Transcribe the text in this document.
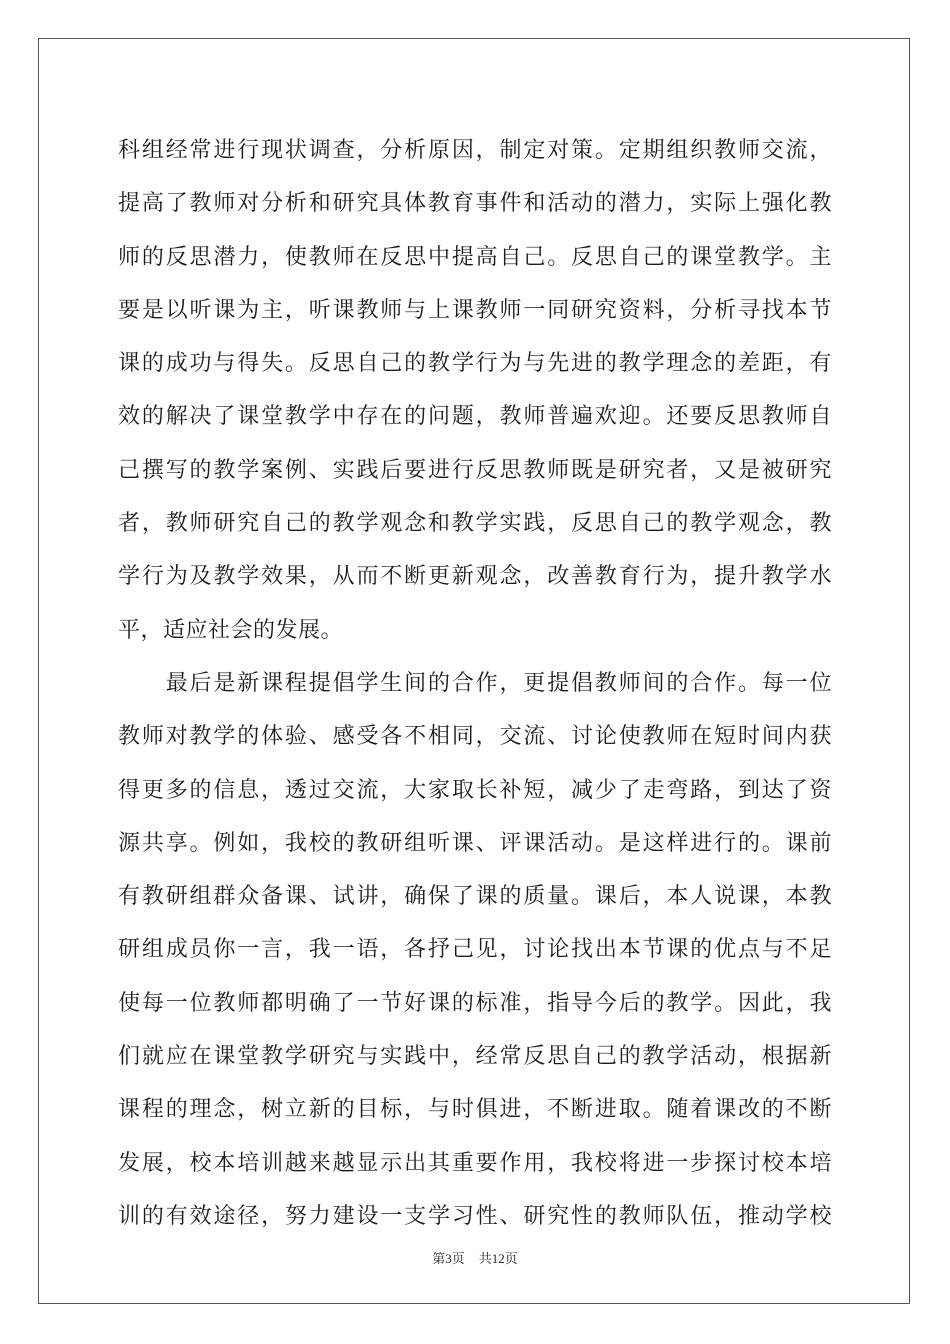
科组经常进行现状调查，分析原因，制定对策。定期组织教师交流，
提高了教师对分析和研究具体教育事件和活动的潜力，实际上强化教
师的反思潜力，使教师在反思中提高自己。反思自己的课堂教学。主
要是以听课为主，听课教师与上课教师一同研究资料，分析寻找本节
课的成功与得失。反思自己的教学行为与先进的教学理念的差距，有
效的解决了课堂教学中存在的问题，教师普遍欢迎。还要反思教师自
己撰写的教学案例、实践后要进行反思教师既是研究者，又是被研究
者，教师研究自己的教学观念和教学实践，反思自己的教学观念，教
学行为及教学效果，从而不断更新观念，改善教育行为，提升教学水
平，适应社会的发展。
　　最后是新课程提倡学生间的合作，更提倡教师间的合作。每一位
教师对教学的体验、感受各不相同，交流、讨论使教师在短时间内获
得更多的信息，透过交流，大家取长补短，减少了走弯路，到达了资
源共享。例如，我校的教研组听课、评课活动。是这样进行的。课前
有教研组群众备课、试讲，确保了课的质量。课后，本人说课，本教
研组成员你一言，我一语，各抒己见，讨论找出本节课的优点与不足
使每一位教师都明确了一节好课的标准，指导今后的教学。因此，我
们就应在课堂教学研究与实践中，经常反思自己的教学活动，根据新
课程的理念，树立新的目标，与时俱进，不断进取。随着课改的不断
发展，校本培训越来越显示出其重要作用，我校将进一步探讨校本培
训的有效途径，努力建设一支学习性、研究性的教师队伍，推动学校
第3页 共12页
